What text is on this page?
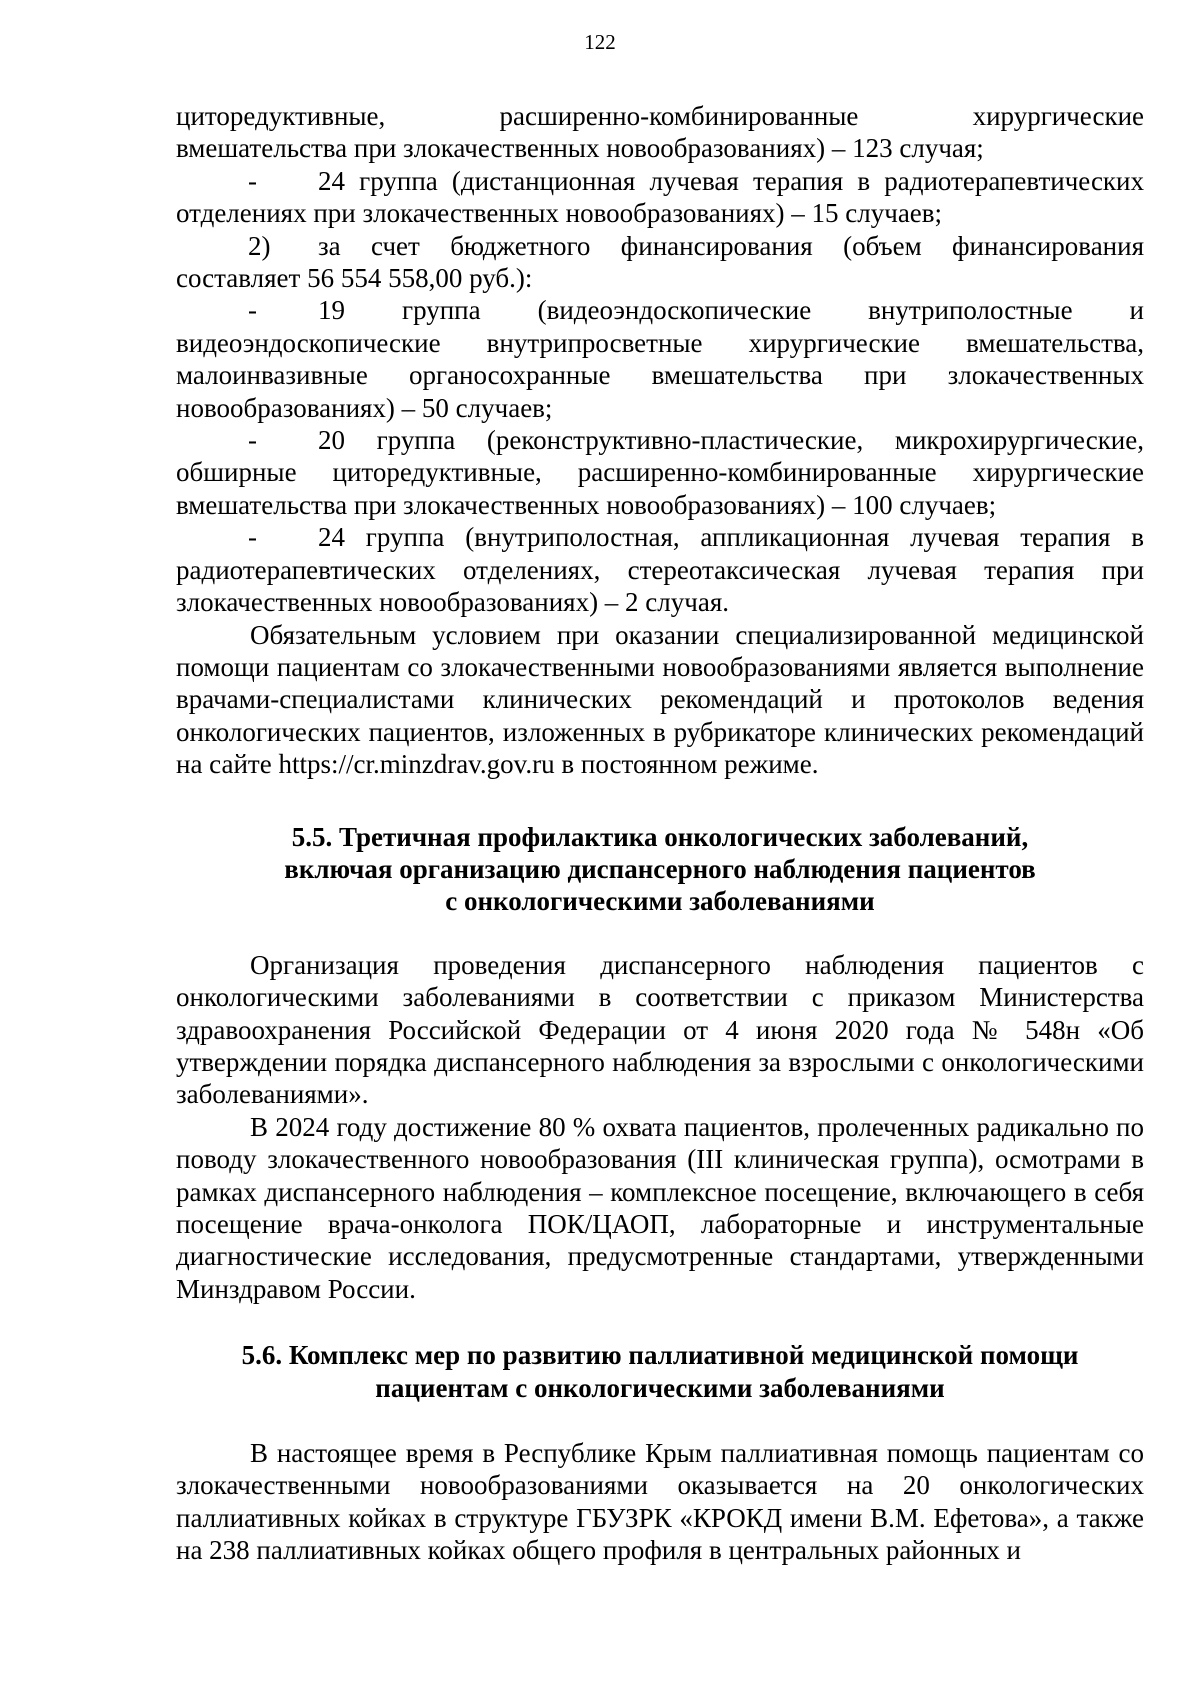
122

циторедуктивные, расширенно-комбинированные хирургические
вмешательства при злокачественных новообразованиях) – 123 случая;

- 24 группа (дистанционная лучевая терапия в радиотерапевтических отделениях при злокачественных новообразованиях) – 15 случаев;

2) за счет бюджетного финансирования (объем финансирования составляет 56 554 558,00 руб.):

- 19 группа (видеоэндоскопические внутриполостные и видеоэндоскопические внутрипросветные хирургические вмешательства, малоинвазивные органосохранные вмешательства при злокачественных новообразованиях) – 50 случаев;

- 20 группа (реконструктивно-пластические, микрохирургические, обширные циторедуктивные, расширенно-комбинированные хирургические вмешательства при злокачественных новообразованиях) – 100 случаев;

- 24 группа (внутриполостная, аппликационная лучевая терапия в радиотерапевтических отделениях, стереотаксическая лучевая терапия при злокачественных новообразованиях) – 2 случая.

Обязательным условием при оказании специализированной медицинской помощи пациентам со злокачественными новообразованиями является выполнение врачами-специалистами клинических рекомендаций и протоколов ведения онкологических пациентов, изложенных в рубрикаторе клинических рекомендаций на сайте https://cr.minzdrav.gov.ru в постоянном режиме.

5.5. Третичная профилактика онкологических заболеваний,

включая организацию диспансерного наблюдения пациентов

с онкологическими заболеваниями

Организация проведения диспансерного наблюдения пациентов с онкологическими заболеваниями в соответствии с приказом Министерства здравоохранения Российской Федерации от 4 июня 2020 года № 548н «Об утверждении порядка диспансерного наблюдения за взрослыми с онкологическими заболеваниями».

В 2024 году достижение 80 % охвата пациентов, пролеченных радикально по поводу злокачественного новообразования (III клиническая группа), осмотрами в рамках диспансерного наблюдения – комплексное посещение, включающего в себя посещение врача-онколога ПОК/ЦАОП, лабораторные и инструментальные диагностические исследования, предусмотренные стандартами, утвержденными Минздравом России.

5.6. Комплекс мер по развитию паллиативной медицинской помощи

пациентам с онкологическими заболеваниями

В настоящее время в Республике Крым паллиативная помощь пациентам со злокачественными новообразованиями оказывается на 20 онкологических паллиативных койках в структуре ГБУЗРК «КРОКД имени В.М. Ефетова», а также на 238 паллиативных койках общего профиля в центральных районных и
